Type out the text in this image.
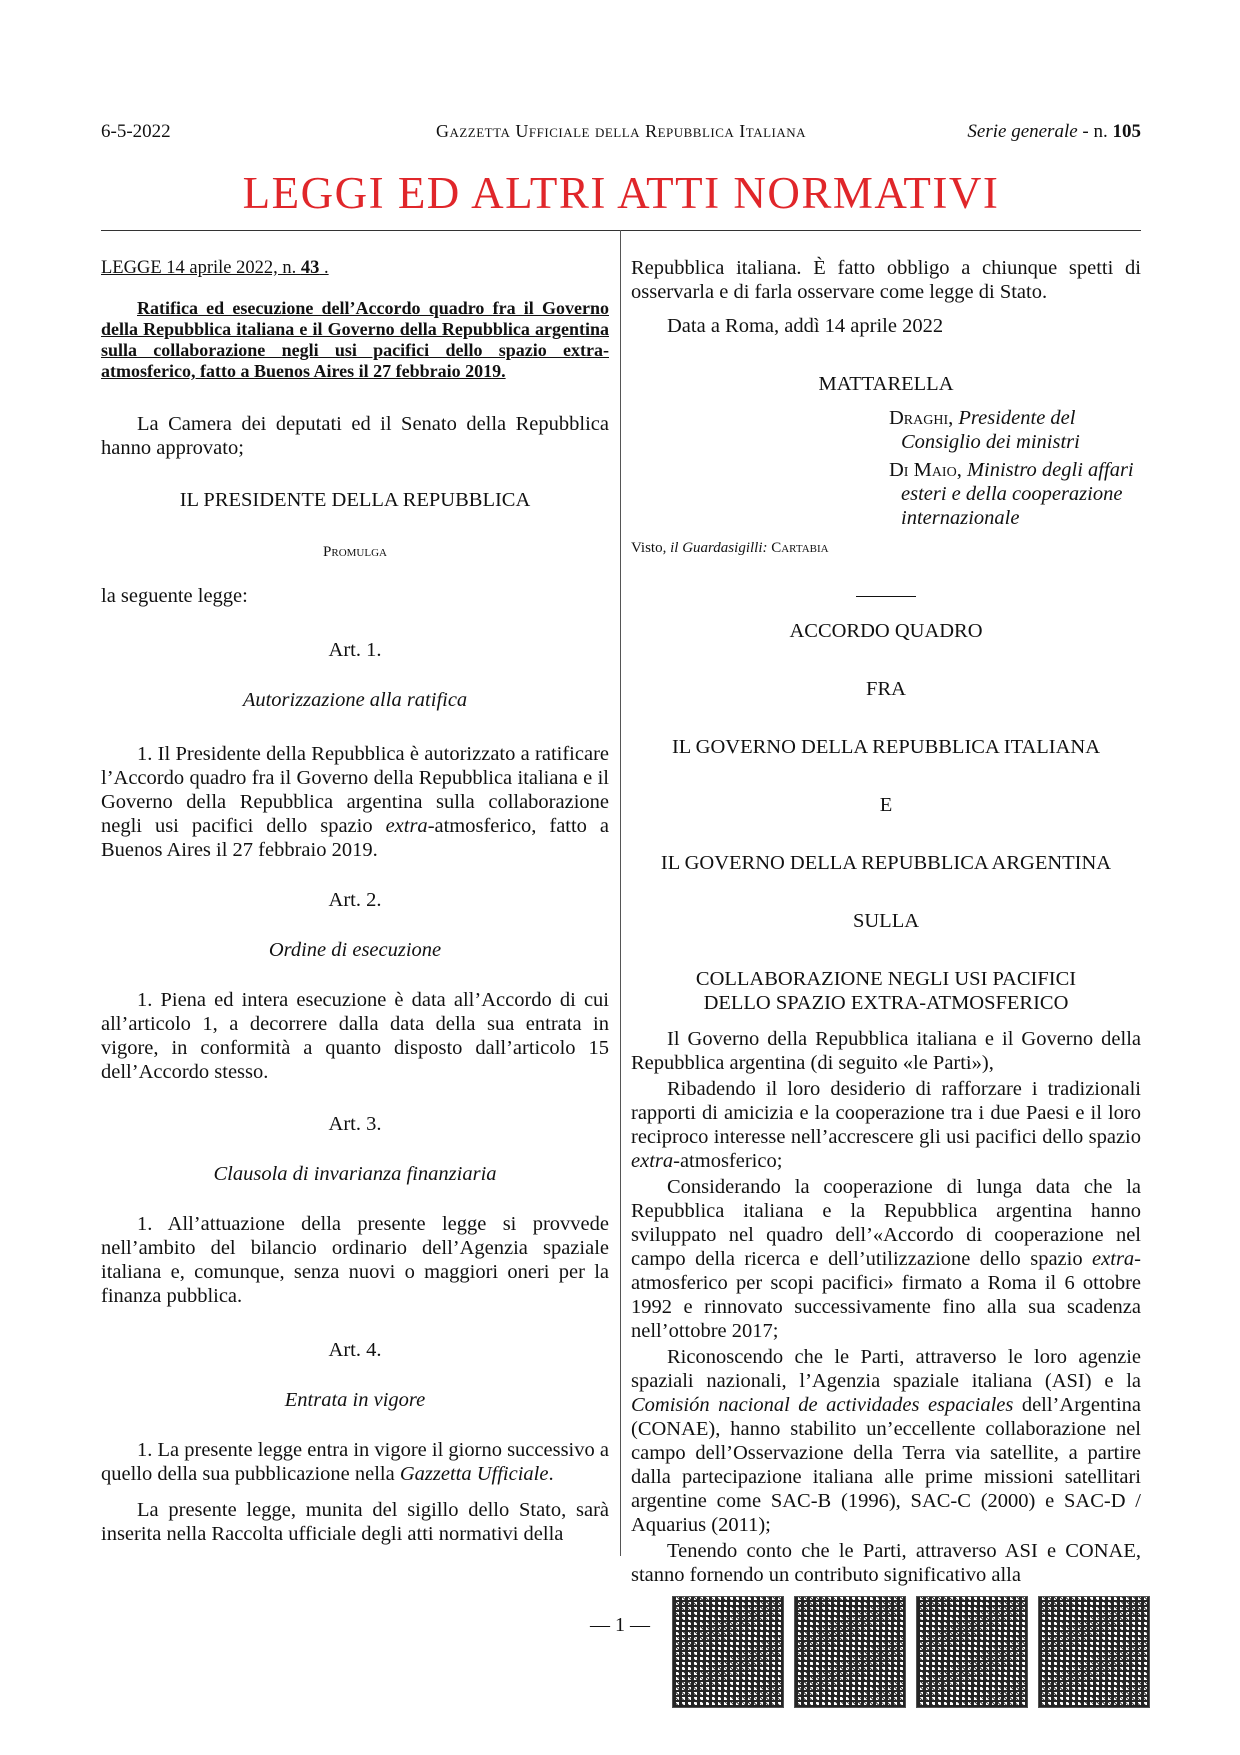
6-5-2022	Gazzetta Ufficiale della Repubblica Italiana	Serie generale - n. 105
LEGGI ED ALTRI ATTI NORMATIVI

LEGGE 14 aprile 2022, n. 43 .

Ratifica ed esecuzione dell’Accordo quadro fra il Governo della Repubblica italiana e il Governo della Repubblica argentina sulla collaborazione negli usi pacifici dello spazio extra-atmosferico, fatto a Buenos Aires il 27 febbraio 2019.

La Camera dei deputati ed il Senato della Repubblica hanno approvato;

IL PRESIDENTE DELLA REPUBBLICA

Promulga

la seguente legge:

Art. 1.

Autorizzazione alla ratifica

1. Il Presidente della Repubblica è autorizzato a ratificare l’Accordo quadro fra il Governo della Repubblica italiana e il Governo della Repubblica argentina sulla collaborazione negli usi pacifici dello spazio extra-atmosferico, fatto a Buenos Aires il 27 febbraio 2019.

Art. 2.

Ordine di esecuzione

1. Piena ed intera esecuzione è data all’Accordo di cui all’articolo 1, a decorrere dalla data della sua entrata in vigore, in conformità a quanto disposto dall’articolo 15 dell’Accordo stesso.

Art. 3.

Clausola di invarianza finanziaria

1. All’attuazione della presente legge si provvede nell’ambito del bilancio ordinario dell’Agenzia spaziale italiana e, comunque, senza nuovi o maggiori oneri per la finanza pubblica.

Art. 4.

Entrata in vigore

1. La presente legge entra in vigore il giorno successivo a quello della sua pubblicazione nella Gazzetta Ufficiale.

La presente legge, munita del sigillo dello Stato, sarà inserita nella Raccolta ufficiale degli atti normativi della

Repubblica italiana. È fatto obbligo a chiunque spetti di osservarla e di farla osservare come legge di Stato.

Data a Roma, addì 14 aprile 2022

MATTARELLA

Draghi, Presidente del Consiglio dei ministri

Di Maio, Ministro degli affari esteri e della cooperazione internazionale

Visto, il Guardasigilli: Cartabia

ACCORDO QUADRO

FRA

IL GOVERNO DELLA REPUBBLICA ITALIANA

E

IL GOVERNO DELLA REPUBBLICA ARGENTINA

SULLA

COLLABORAZIONE NEGLI USI PACIFICI

DELLO SPAZIO EXTRA-ATMOSFERICO

Il Governo della Repubblica italiana e il Governo della Repubblica argentina (di seguito «le Parti»),

Ribadendo il loro desiderio di rafforzare i tradizionali rapporti di amicizia e la cooperazione tra i due Paesi e il loro reciproco interesse nell’accrescere gli usi pacifici dello spazio extra-atmosferico;

Considerando la cooperazione di lunga data che la Repubblica italiana e la Repubblica argentina hanno sviluppato nel quadro dell’«Accordo di cooperazione nel campo della ricerca e dell’utilizzazione dello spazio extra-atmosferico per scopi pacifici» firmato a Roma il 6 ottobre 1992 e rinnovato successivamente fino alla sua scadenza nell’ottobre 2017;

Riconoscendo che le Parti, attraverso le loro agenzie spaziali nazionali, l’Agenzia spaziale italiana (ASI) e la Comisión nacional de actividades espaciales dell’Argentina (CONAE), hanno stabilito un’eccellente collaborazione nel campo dell’Osservazione della Terra via satellite, a partire dalla partecipazione italiana alle prime missioni satellitari argentine come SAC-B (1996), SAC-C (2000) e SAC-D / Aquarius (2011);

Tenendo conto che le Parti, attraverso ASI e CONAE, stanno fornendo un contributo significativo alla

— 1 —
